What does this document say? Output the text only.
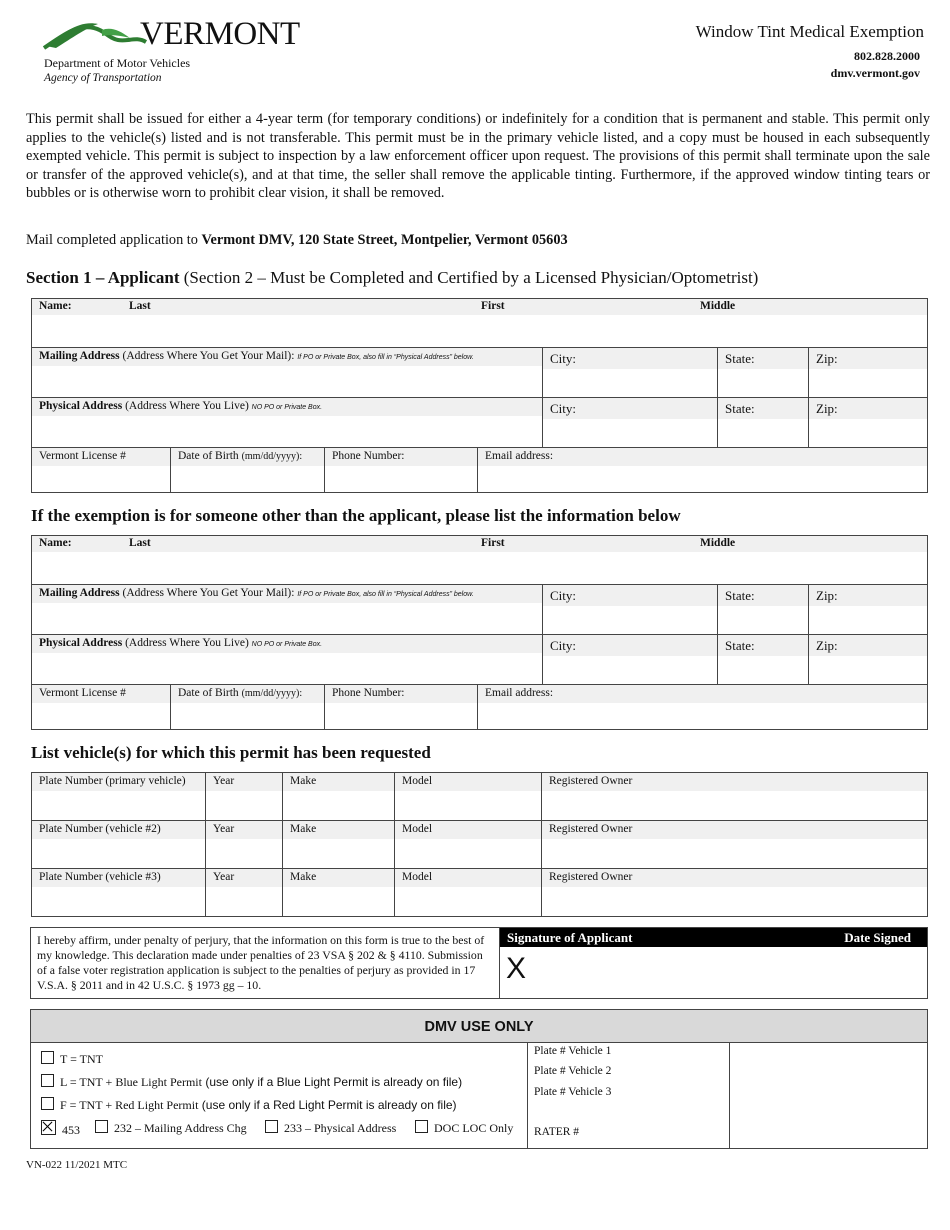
VERMONT
Department of Motor Vehicles
Agency of Transportation
Window Tint Medical Exemption
802.828.2000
dmv.vermont.gov
This permit shall be issued for either a 4-year term (for temporary conditions) or indefinitely for a condition that is permanent and stable. This permit only applies to the vehicle(s) listed and is not transferable. This permit must be in the primary vehicle listed, and a copy must be housed in each subsequently exempted vehicle. This permit is subject to inspection by a law enforcement officer upon request. The provisions of this permit shall terminate upon the sale or transfer of the approved vehicle(s), and at that time, the seller shall remove the applicable tinting. Furthermore, if the approved window tinting tears or bubbles or is otherwise worn to prohibit clear vision, it shall be removed.
Mail completed application to Vermont DMV, 120 State Street, Montpelier, Vermont 05603
Section 1 – Applicant (Section 2 – Must be Completed and Certified by a Licensed Physician/Optometrist)
Name: Last First Middle						

Mailing Address (Address Where You Get Your Mail): If PO or Private Box, also fill in “Physical Address” below.				City:	State:	Zip:

Physical Address (Address Where You Live) NO PO or Private Box.				City:	State:	Zip:

Vermont License #	Date of Birth (mm/dd/yyyy):	Phone Number:	Email address:			
If the exemption is for someone other than the applicant, please list the information below
Name: Last First Middle						

Mailing Address (Address Where You Get Your Mail): If PO or Private Box, also fill in “Physical Address” below.				City:	State:	Zip:

Physical Address (Address Where You Live) NO PO or Private Box.				City:	State:	Zip:

Vermont License #	Date of Birth (mm/dd/yyyy):	Phone Number:	Email address:			
List vehicle(s) for which this permit has been requested
Plate Number (primary vehicle)	Year	Make	Model	Registered Owner

Plate Number (vehicle #2)	Year	Make	Model	Registered Owner

Plate Number (vehicle #3)	Year	Make	Model	Registered Owner
I hereby affirm, under penalty of perjury, that the information on this form is true to the best of my knowledge. This declaration made under penalties of 23 VSA § 202 & § 4110. Submission of a false voter registration application is subject to the penalties of perjury as provided in 17 V.S.A. § 2011 and in 42 U.S.C. § 1973 gg – 10.
Signature of Applicant	Date Signed
X
DMV USE ONLY
T = TNT
L = TNT + Blue Light Permit (use only if a Blue Light Permit is already on file)
F = TNT + Red Light Permit (use only if a Red Light Permit is already on file)
453	232 – Mailing Address Chg	233 – Physical Address	DOC LOC Only
Plate # Vehicle 1
Plate # Vehicle 2
Plate # Vehicle 3
RATER #
VN-022 11/2021 MTC
